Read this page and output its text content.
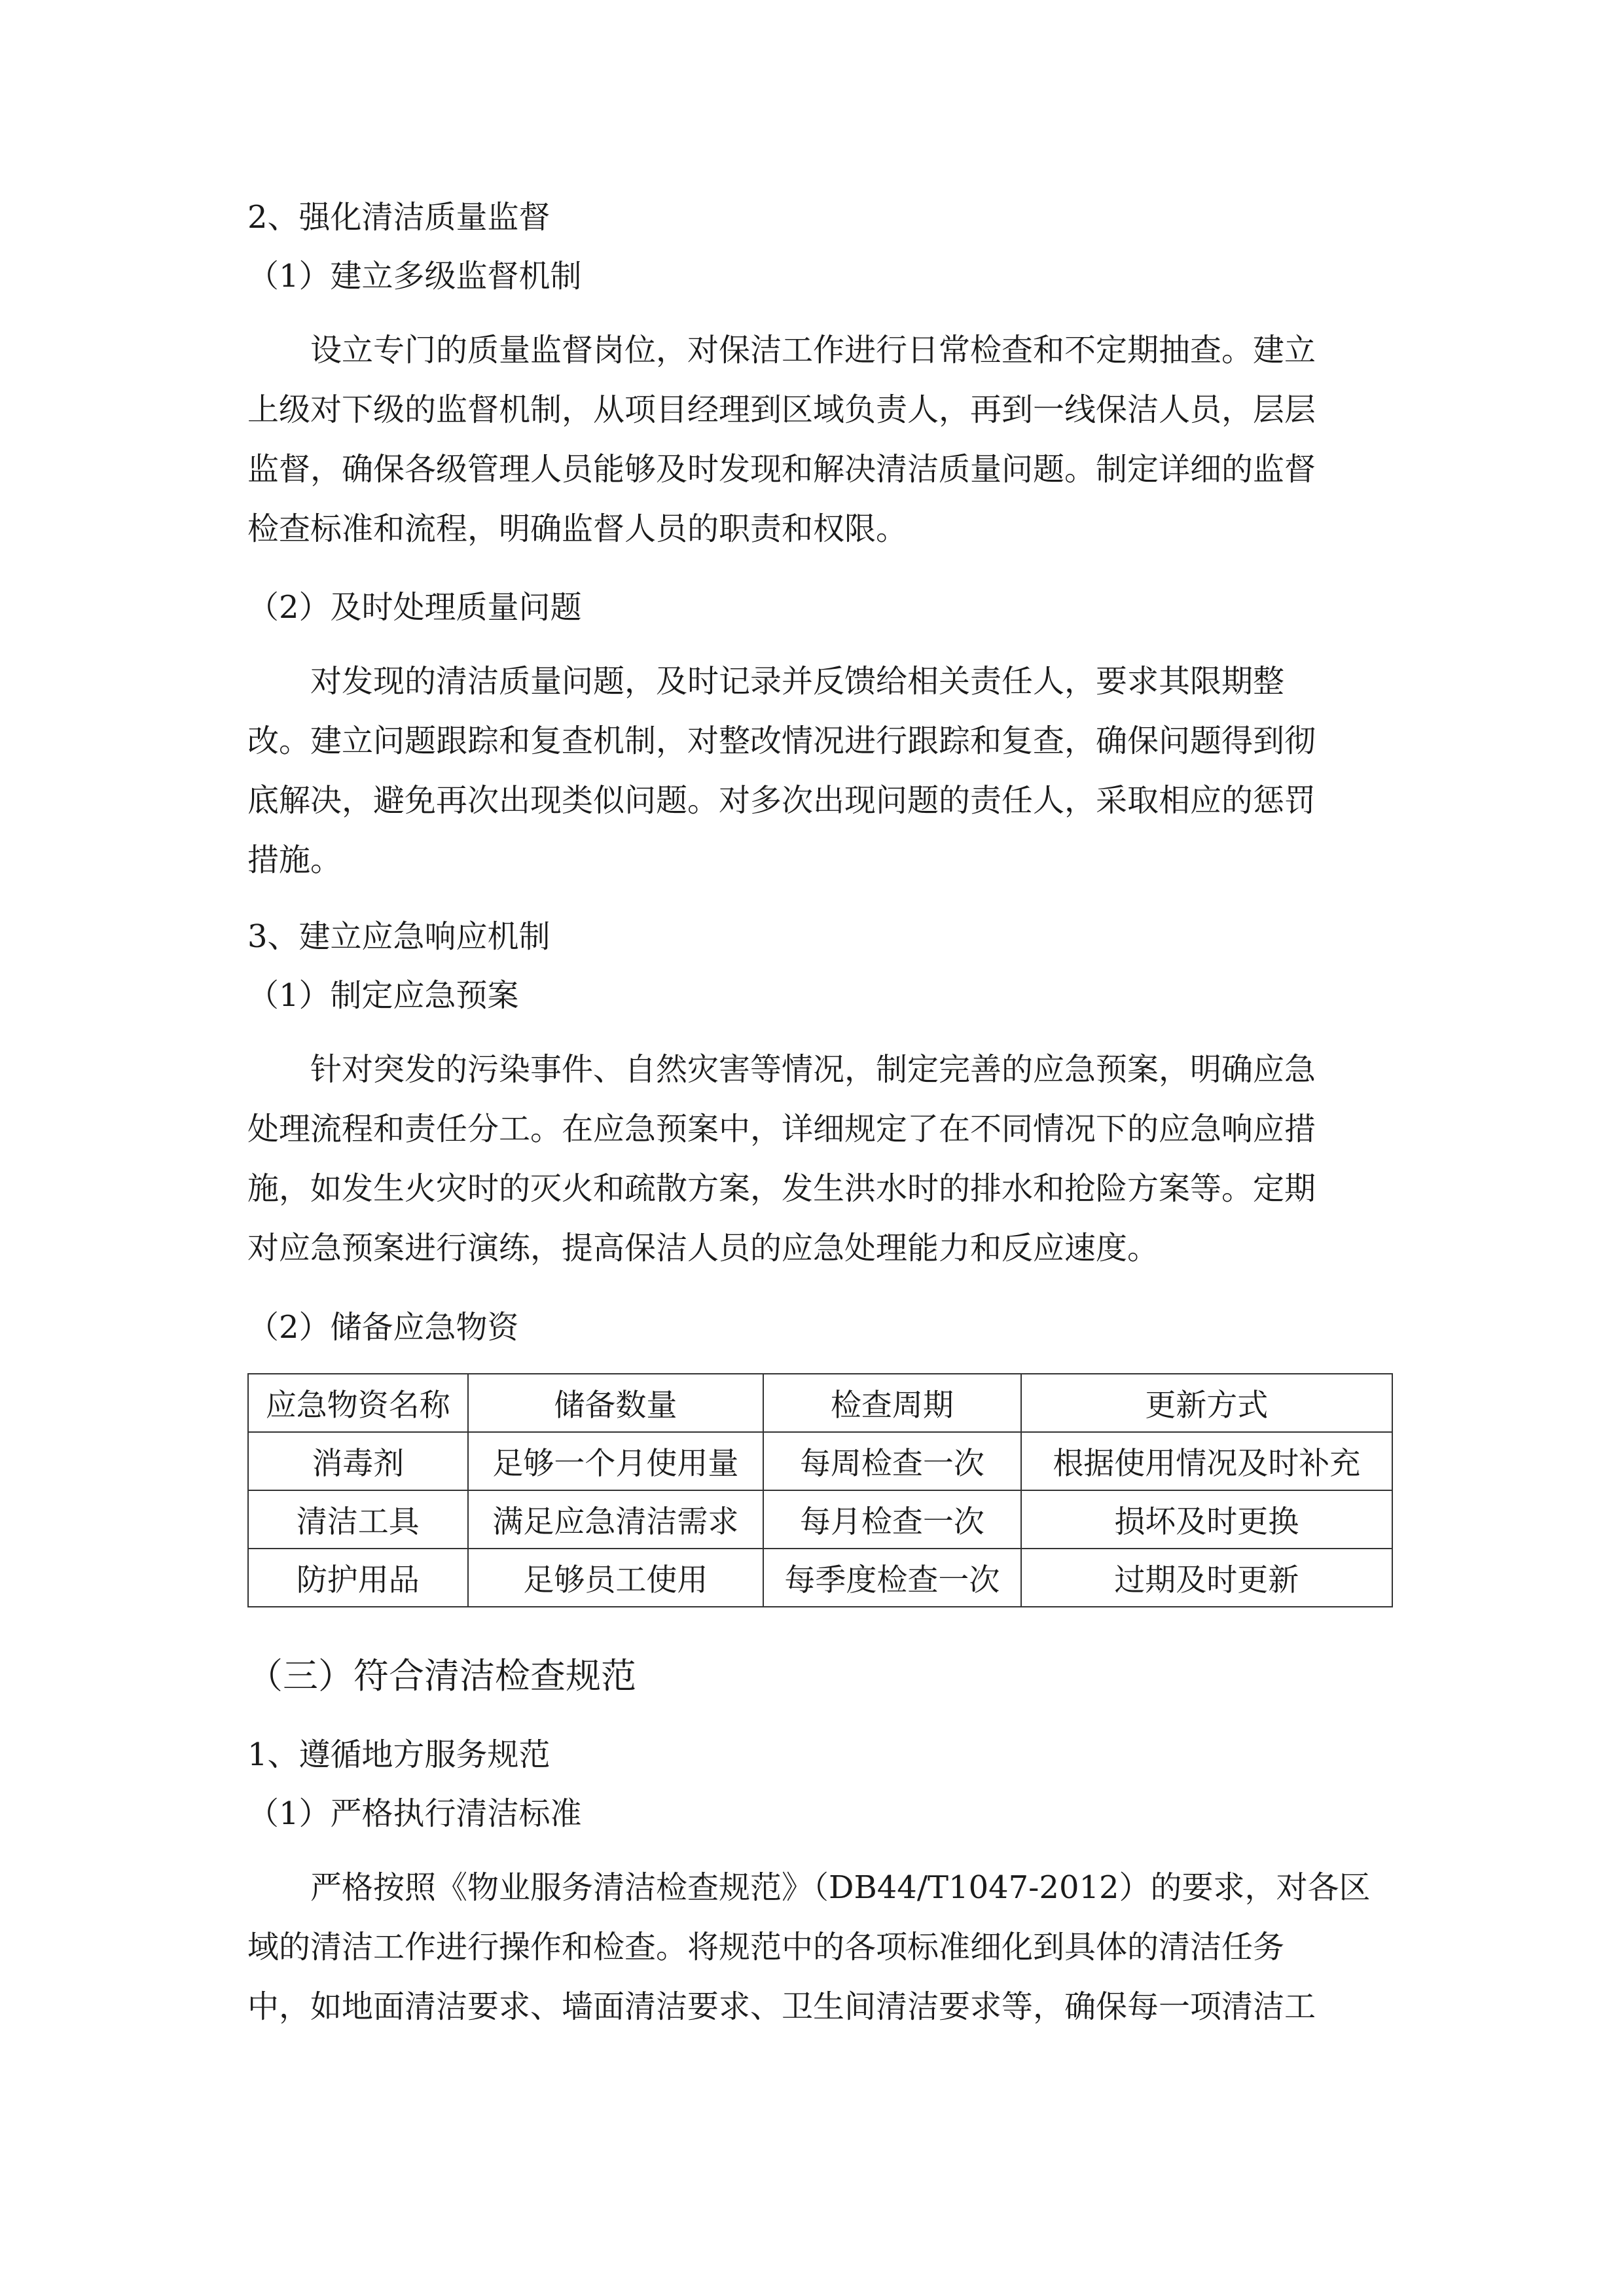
2、强化清洁质量监督

（1）建立多级监督机制

设立专门的质量监督岗位，对保洁工作进行日常检查和不定期抽查。建立

上级对下级的监督机制，从项目经理到区域负责人，再到一线保洁人员，层层

监督，确保各级管理人员能够及时发现和解决清洁质量问题。制定详细的监督

检查标准和流程，明确监督人员的职责和权限。

（2）及时处理质量问题

对发现的清洁质量问题，及时记录并反馈给相关责任人，要求其限期整

改。建立问题跟踪和复查机制，对整改情况进行跟踪和复查，确保问题得到彻

底解决，避免再次出现类似问题。对多次出现问题的责任人，采取相应的惩罚

措施。

3、建立应急响应机制

（1）制定应急预案

针对突发的污染事件、自然灾害等情况，制定完善的应急预案，明确应急

处理流程和责任分工。在应急预案中，详细规定了在不同情况下的应急响应措

施，如发生火灾时的灭火和疏散方案，发生洪水时的排水和抢险方案等。定期

对应急预案进行演练，提高保洁人员的应急处理能力和反应速度。

（2）储备应急物资

应急物资名称	储备数量	检查周期	更新方式
消毒剂	足够一个月使用量	每周检查一次	根据使用情况及时补充
清洁工具	满足应急清洁需求	每月检查一次	损坏及时更换
防护用品	足够员工使用	每季度检查一次	过期及时更新

（三）符合清洁检查规范

1、遵循地方服务规范

（1）严格执行清洁标准

严格按照《物业服务清洁检查规范》（DB44/T1047-2012）的要求，对各区

域的清洁工作进行操作和检查。将规范中的各项标准细化到具体的清洁任务

中，如地面清洁要求、墙面清洁要求、卫生间清洁要求等，确保每一项清洁工
